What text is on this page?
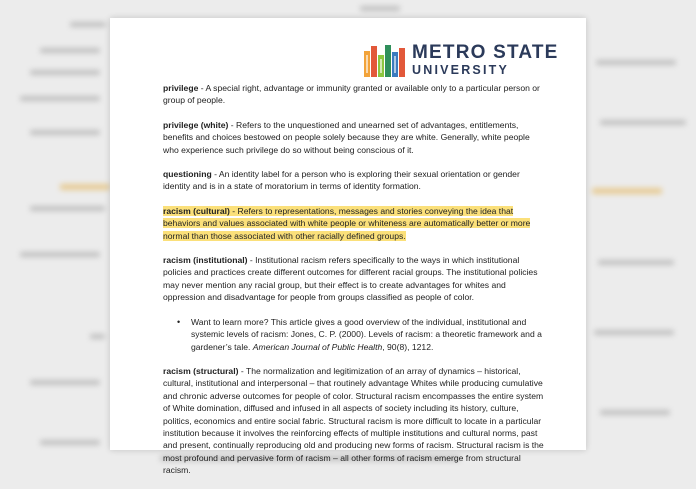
METRO STATE
UNIVERSITY

privilege - A special right, advantage or immunity granted or available only to a particular person or group of people.

privilege (white) - Refers to the unquestioned and unearned set of advantages, entitlements, benefits and choices bestowed on people solely because they are white. Generally, white people who experience such privilege do so without being conscious of it.

questioning - An identity label for a person who is exploring their sexual orientation or gender identity and is in a state of moratorium in terms of identity formation.

racism (cultural) - Refers to representations, messages and stories conveying the idea that behaviors and values associated with white people or whiteness are automatically better or more normal than those associated with other racially defined groups.

racism (institutional) - Institutional racism refers specifically to the ways in which institutional policies and practices create different outcomes for different racial groups. The institutional policies may never mention any racial group, but their effect is to create advantages for whites and oppression and disadvantage for people from groups classified as people of color.

•	Want to learn more? This article gives a good overview of the individual, institutional and systemic levels of racism: Jones, C. P. (2000). Levels of racism: a theoretic framework and a gardener’s tale. American Journal of Public Health, 90(8), 1212.

racism (structural) - The normalization and legitimization of an array of dynamics – historical, cultural, institutional and interpersonal – that routinely advantage Whites while producing cumulative and chronic adverse outcomes for people of color. Structural racism encompasses the entire system of White domination, diffused and infused in all aspects of society including its history, culture, politics, economics and entire social fabric. Structural racism is more difficult to locate in a particular institution because it involves the reinforcing effects of multiple institutions and cultural norms, past and present, continually reproducing old and producing new forms of racism. Structural racism is the most profound and pervasive form of racism – all other forms of racism emerge from structural racism.
